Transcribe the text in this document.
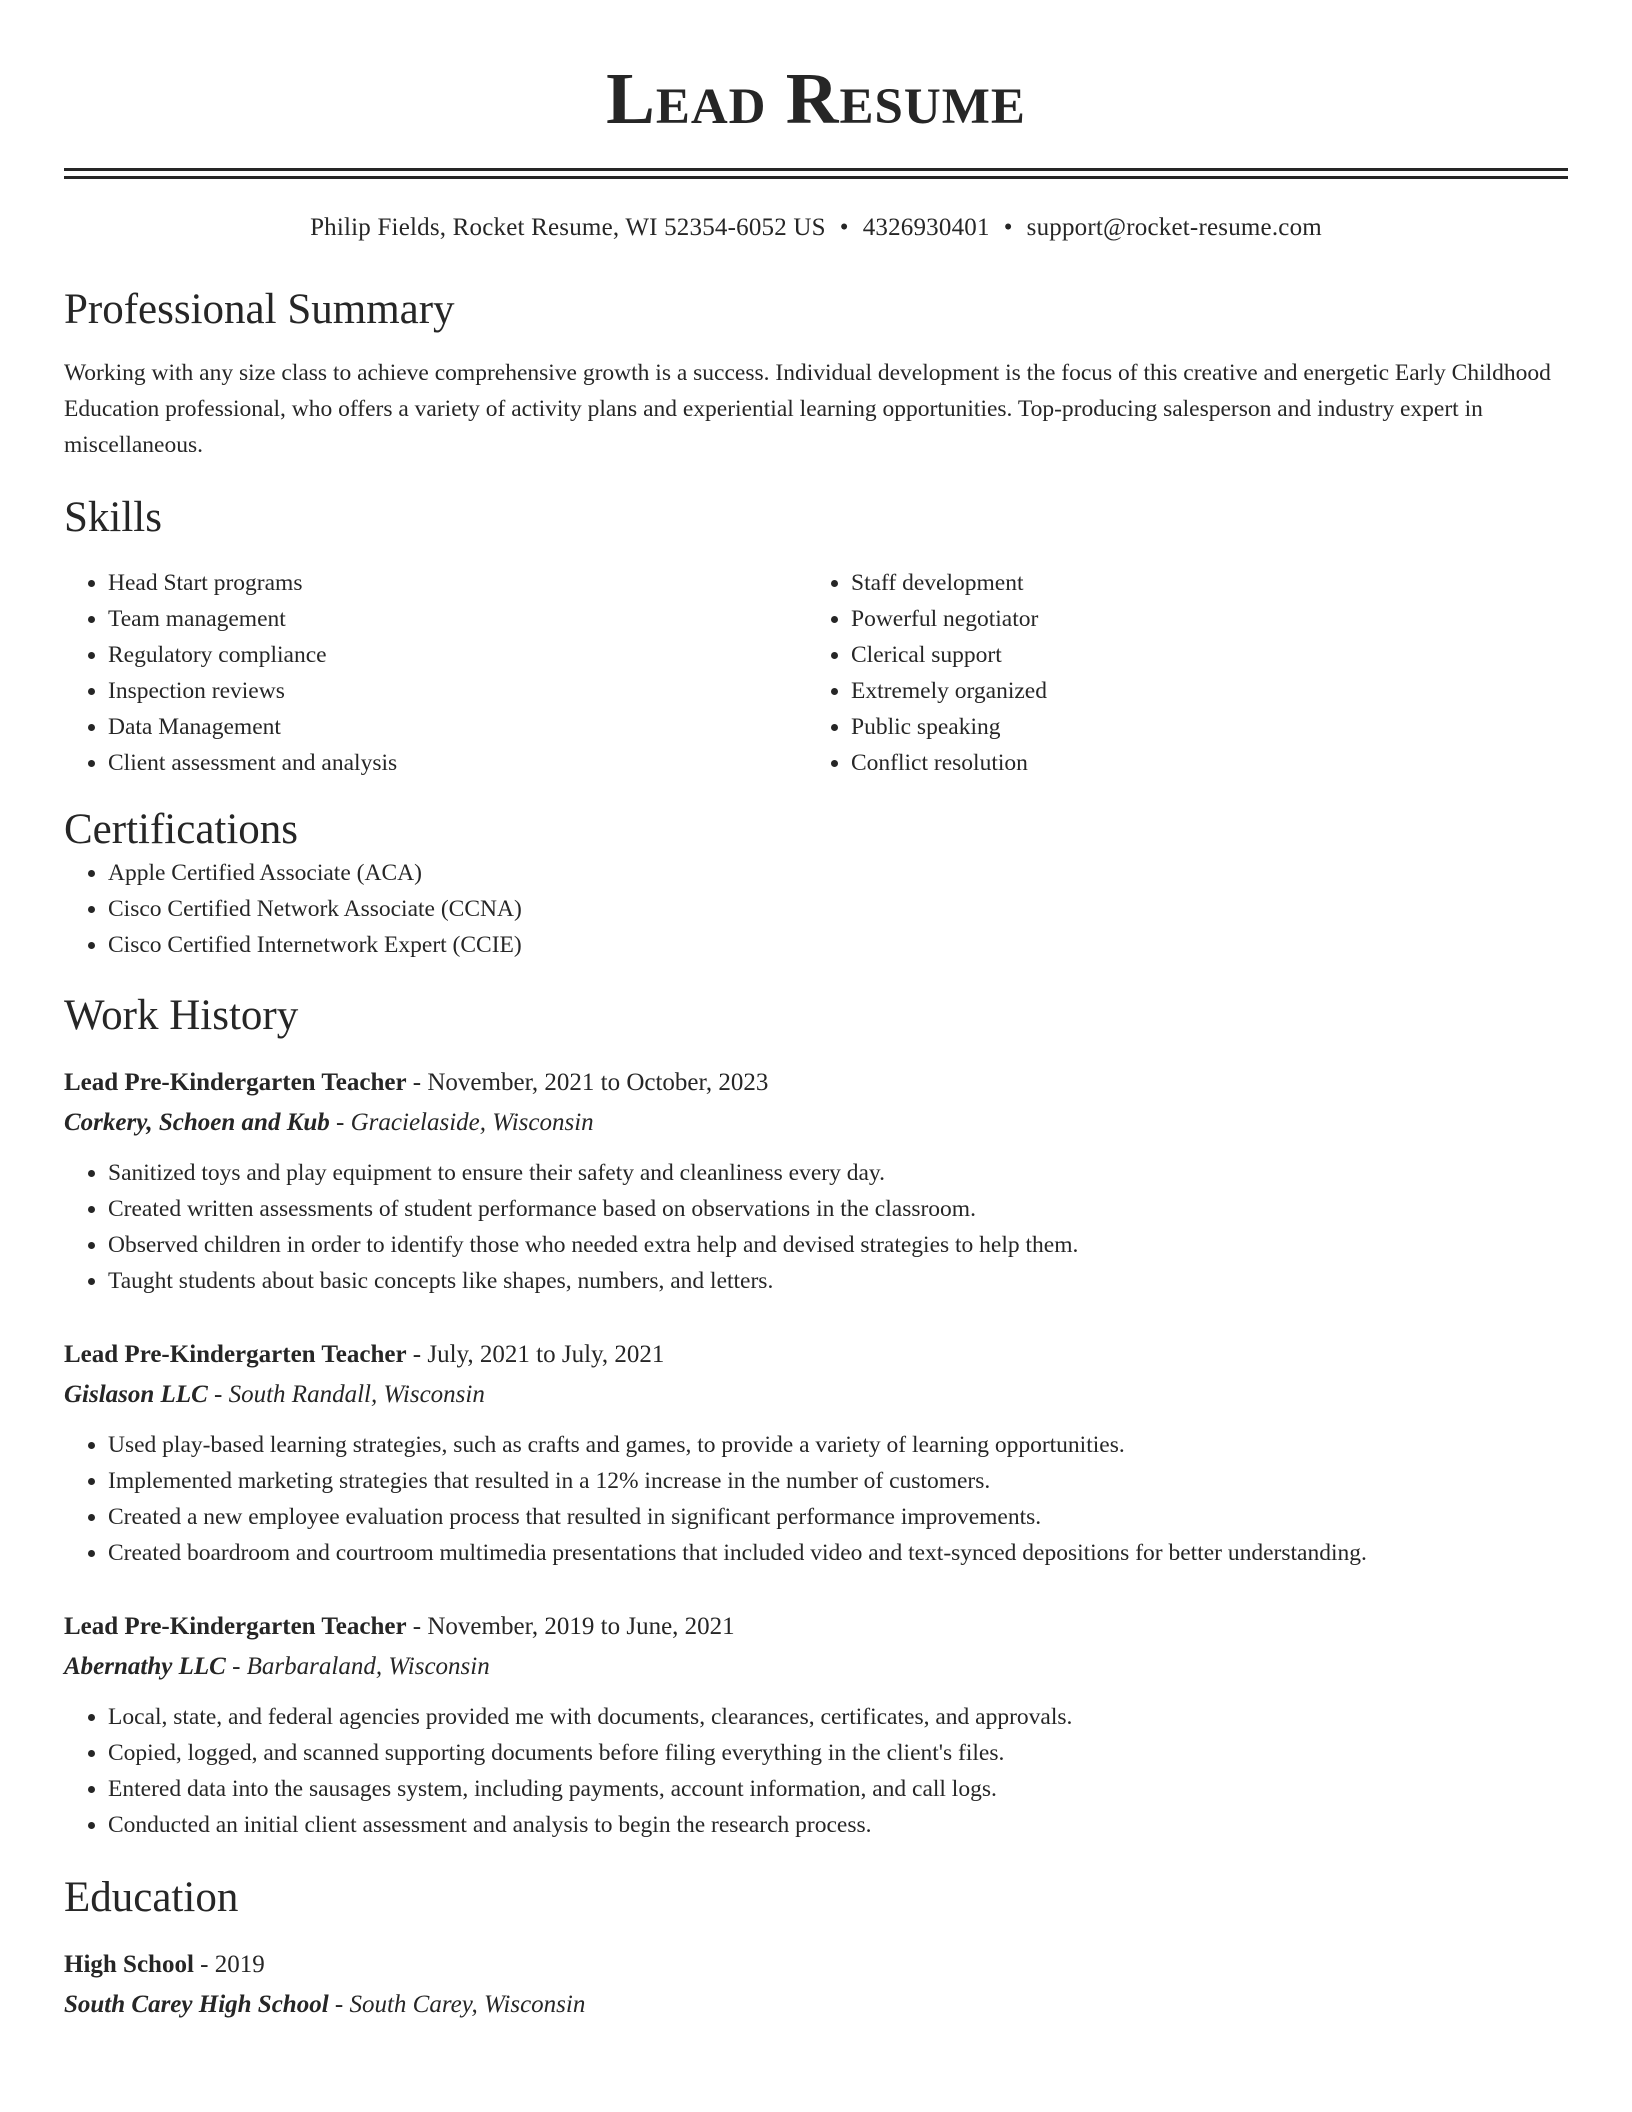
Lead Resume
Philip Fields, Rocket Resume, WI 52354-6052 US • 4326930401 • support@rocket-resume.com
Professional Summary

Working with any size class to achieve comprehensive growth is a success. Individual development is the focus of this creative and energetic Early Childhood Education professional, who offers a variety of activity plans and experiential learning opportunities. Top-producing salesperson and industry expert in miscellaneous.

Skills
• Head Start programs
• Team management
• Regulatory compliance
• Inspection reviews
• Data Management
• Client assessment and analysis
• Staff development
• Powerful negotiator
• Clerical support
• Extremely organized
• Public speaking
• Conflict resolution
Certifications
• Apple Certified Associate (ACA)
• Cisco Certified Network Associate (CCNA)
• Cisco Certified Internetwork Expert (CCIE)
Work History
Lead Pre-Kindergarten Teacher - November, 2021 to October, 2023
Corkery, Schoen and Kub - Gracielaside, Wisconsin
• Sanitized toys and play equipment to ensure their safety and cleanliness every day.
• Created written assessments of student performance based on observations in the classroom.
• Observed children in order to identify those who needed extra help and devised strategies to help them.
• Taught students about basic concepts like shapes, numbers, and letters.
Lead Pre-Kindergarten Teacher - July, 2021 to July, 2021
Gislason LLC - South Randall, Wisconsin
• Used play-based learning strategies, such as crafts and games, to provide a variety of learning opportunities.
• Implemented marketing strategies that resulted in a 12% increase in the number of customers.
• Created a new employee evaluation process that resulted in significant performance improvements.
• Created boardroom and courtroom multimedia presentations that included video and text-synced depositions for better understanding.
Lead Pre-Kindergarten Teacher - November, 2019 to June, 2021
Abernathy LLC - Barbaraland, Wisconsin
• Local, state, and federal agencies provided me with documents, clearances, certificates, and approvals.
• Copied, logged, and scanned supporting documents before filing everything in the client's files.
• Entered data into the sausages system, including payments, account information, and call logs.
• Conducted an initial client assessment and analysis to begin the research process.
Education
High School - 2019
South Carey High School - South Carey, Wisconsin
